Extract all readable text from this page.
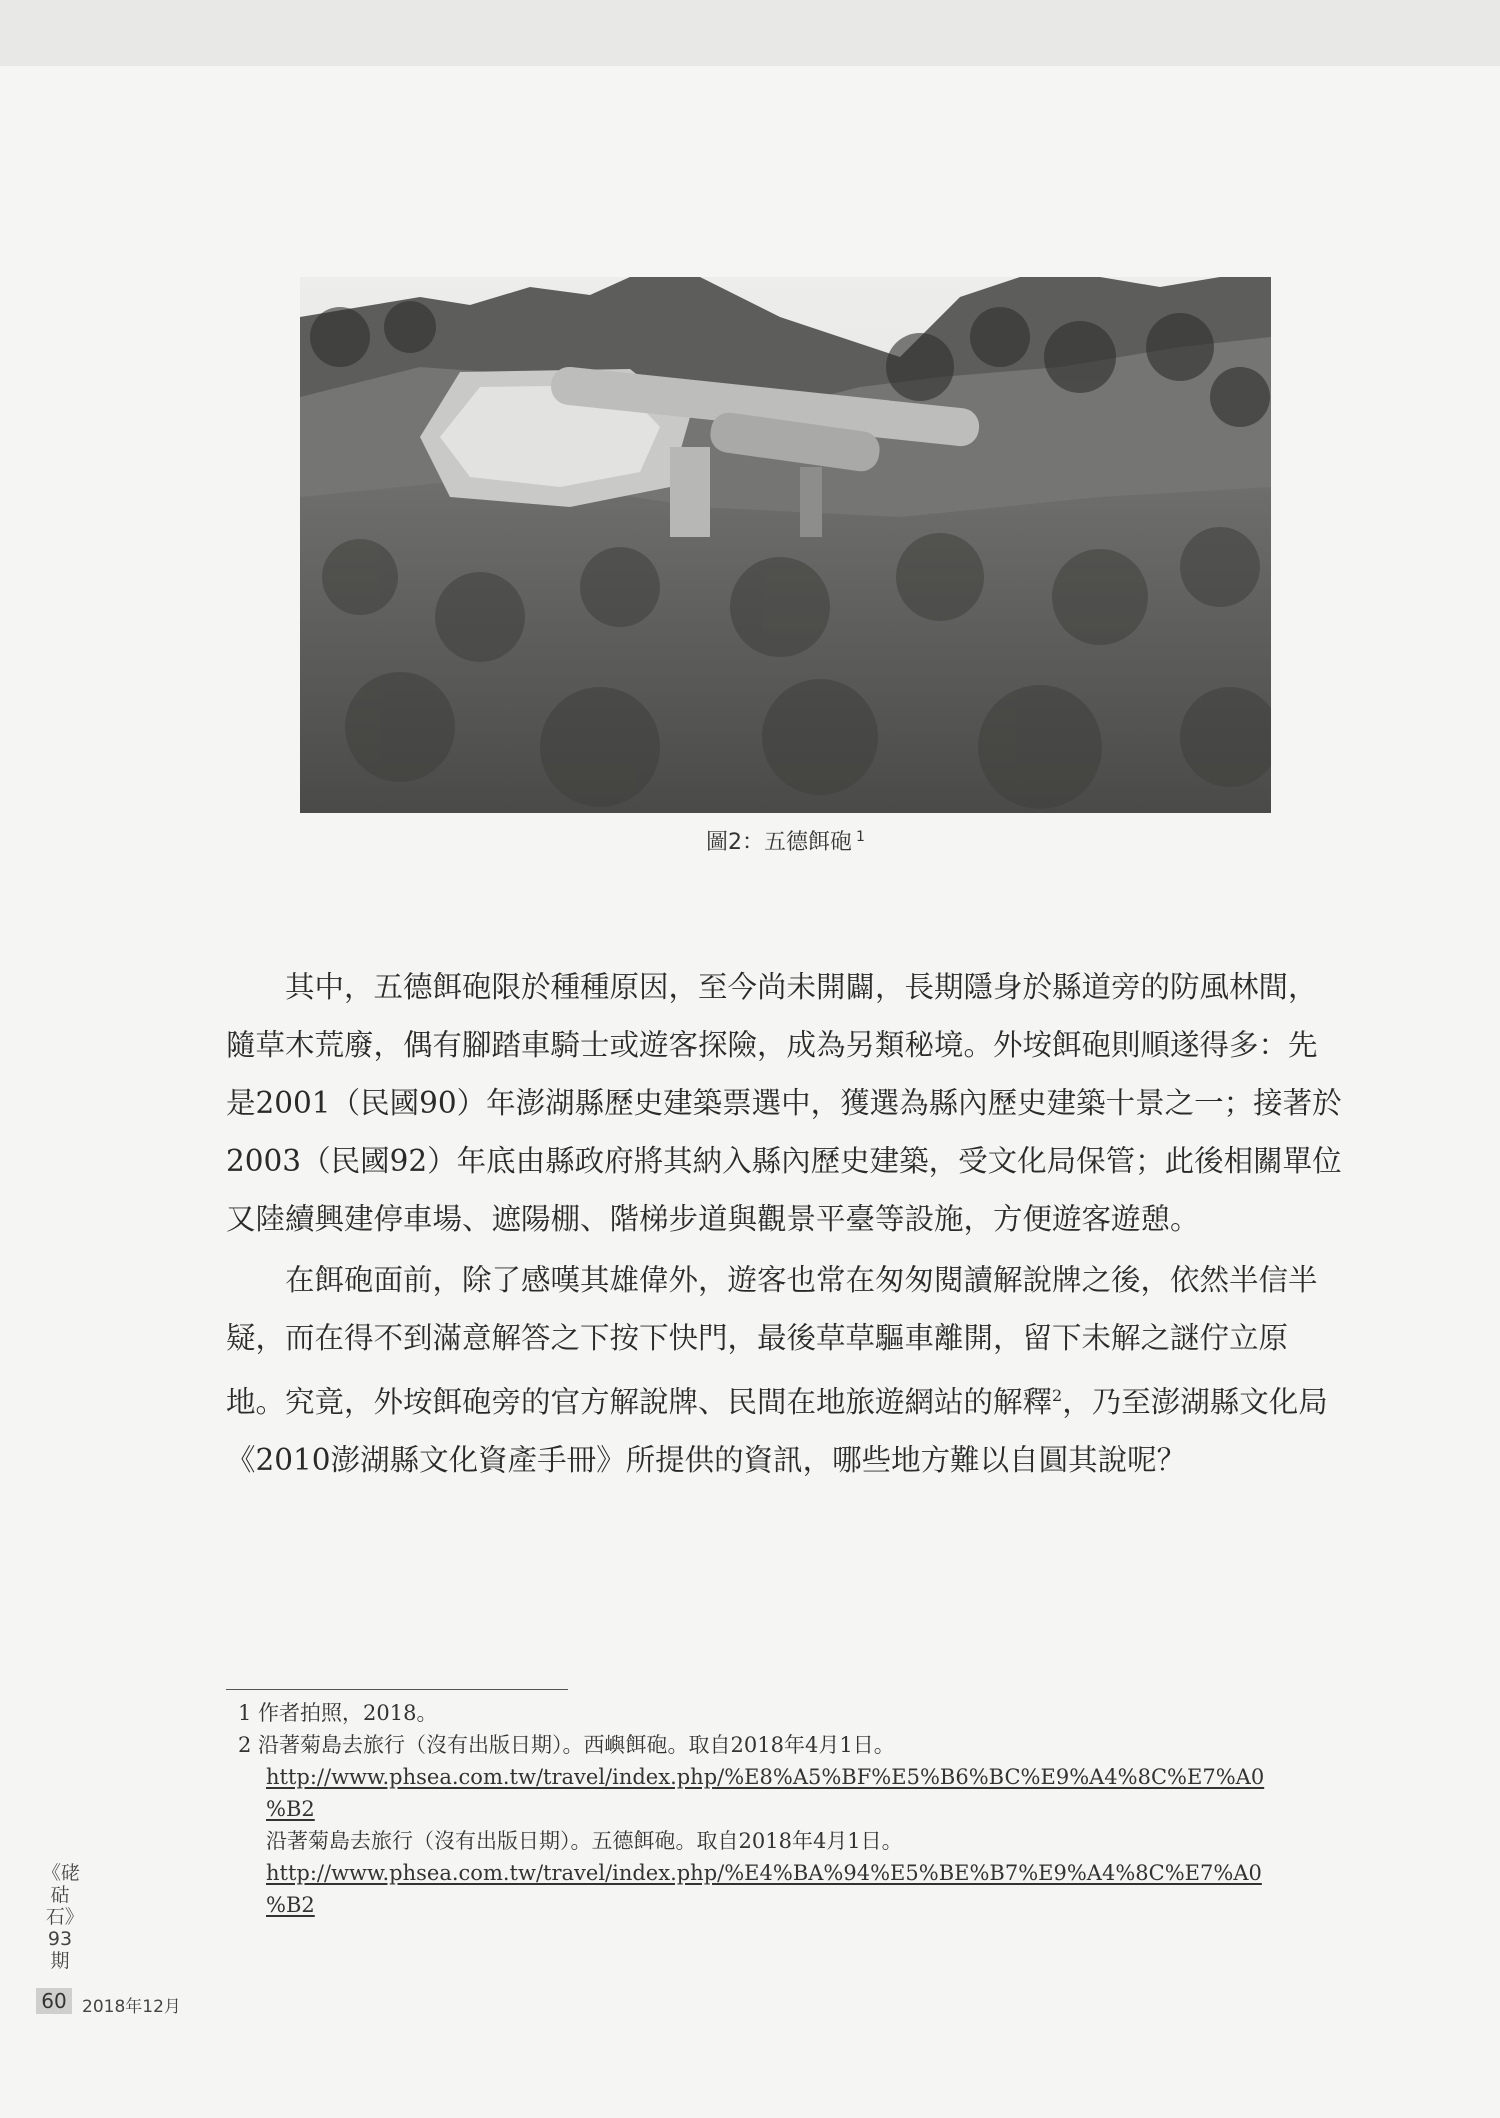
圖2：五德餌砲 $^1$

其中，五德餌砲限於種種原因，至今尚未開闢，長期隱身於縣道旁的防風林間，隨草木荒廢，偶有腳踏車騎士或遊客探險，成為另類秘境。外垵餌砲則順遂得多：先是2001（民國90）年澎湖縣歷史建築票選中，獲選為縣內歷史建築十景之一；接著於2003（民國92）年底由縣政府將其納入縣內歷史建築，受文化局保管；此後相關單位又陸續興建停車場、遮陽棚、階梯步道與觀景平臺等設施，方便遊客遊憩。

在餌砲面前，除了感嘆其雄偉外，遊客也常在匆匆閱讀解說牌之後，依然半信半疑，而在得不到滿意解答之下按下快門，最後草草驅車離開，留下未解之謎佇立原地。究竟，外垵餌砲旁的官方解說牌、民間在地旅遊網站的解釋$^2$，乃至澎湖縣文化局《2010澎湖縣文化資產手冊》所提供的資訊，哪些地方難以自圓其說呢？

1 作者拍照，2018。
2 沿著菊島去旅行（沒有出版日期）。西嶼餌砲。取自2018年4月1日。
http://www.phsea.com.tw/travel/index.php/%E8%A5%BF%E5%B6%BC%E9%A4%8C%E7%A0
%B2
沿著菊島去旅行（沒有出版日期）。五德餌砲。取自2018年4月1日。
http://www.phsea.com.tw/travel/index.php/%E4%BA%94%E5%BE%B7%E9%A4%8C%E7%A0
%B2
《硓𥑮石》93期
60 2018年12月
